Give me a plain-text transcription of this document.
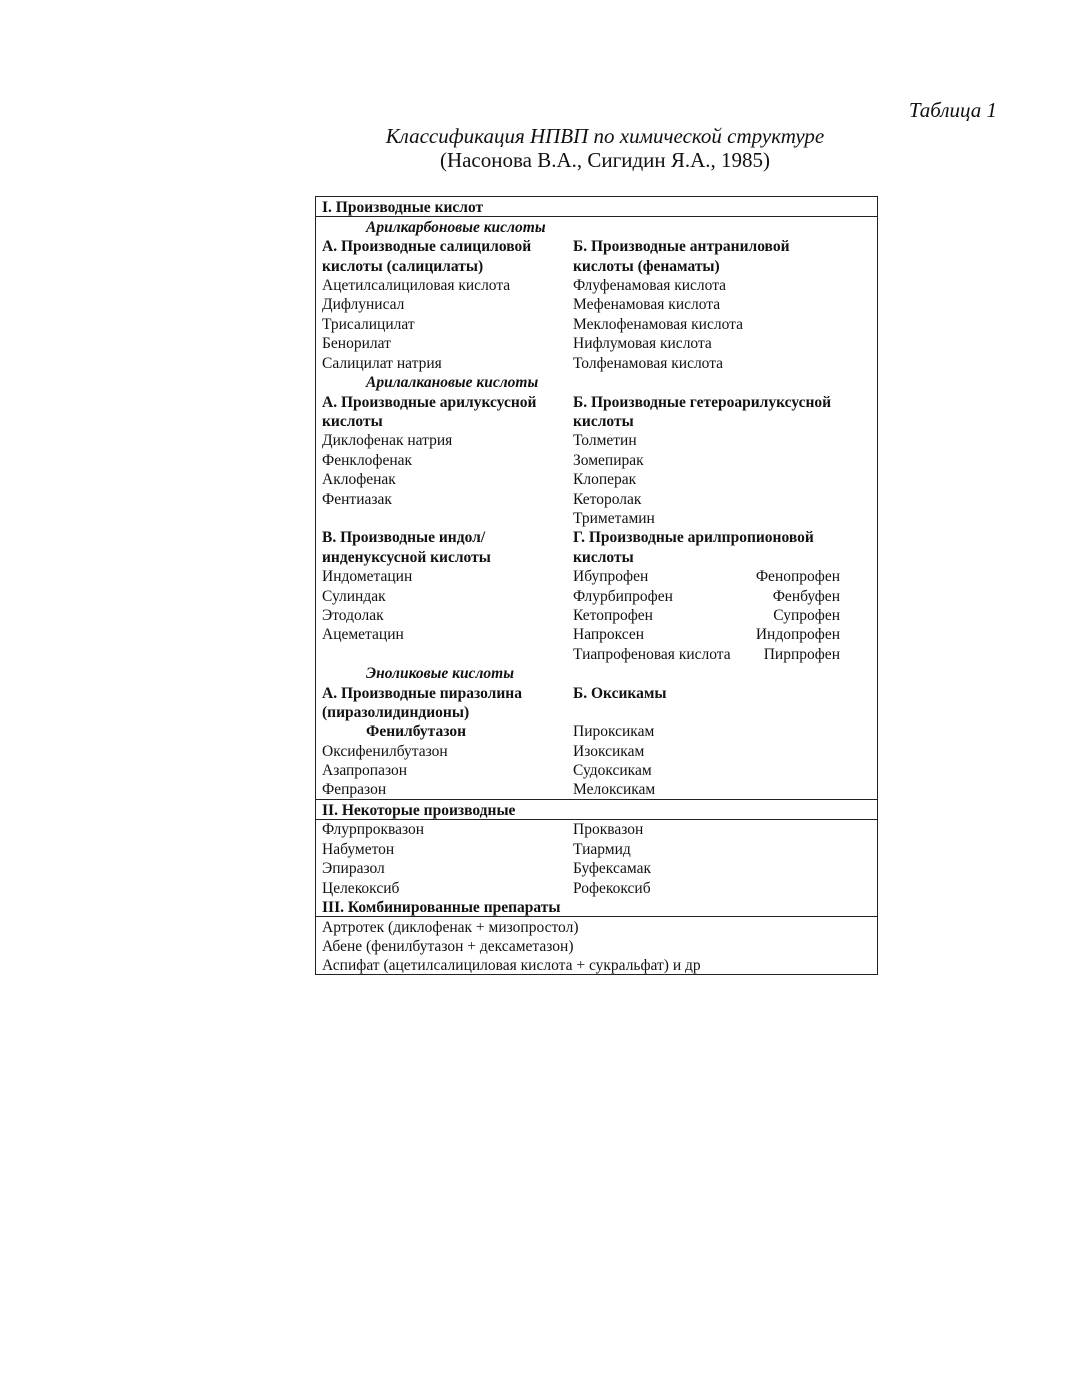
Таблица 1
Классификация НПВП по химической структуре
(Насонова В.А., Сигидин Я.А., 1985)
I. Производные кислот
Арилкарбоновые кислоты
А. Производные салициловой
кислоты (салицилаты)
Б. Производные антраниловой
кислоты (фенаматы)
Ацетилсалициловая кислота
Дифлунисал
Трисалицилат
Бенорилат
Салицилат натрия
Флуфенамовая кислота
Мефенамовая кислота
Меклофенамовая кислота
Нифлумовая кислота
Толфенамовая кислота
Арилалкановые кислоты
А. Производные арилуксусной
кислоты
Б. Производные гетероарилуксусной
кислоты
Диклофенак натрия
Фенклофенак
Аклофенак
Фентиазак
Толметин
Зомепирак
Клоперак
Кеторолак
Триметамин
В. Производные индол/
инденуксусной кислоты
Г. Производные арилпропионовой
кислоты
Индометацин
Сулиндак
Этодолак
Ацеметацин
Ибупрофен
Флурбипрофен
Кетопрофен
Напроксен
Тиапрофеновая кислота
Фенопрофен
Фенбуфен
Супрофен
Индопрофен
Пирпрофен
Эноликовые кислоты
А. Производные пиразолина
(пиразолидиндионы)
Б. Оксикамы
Фенилбутазон
Оксифенилбутазон
Азапропазон
Фепразон
Пироксикам
Изоксикам
Судоксикам
Мелоксикам
II. Некоторые производные
Флурпроквазон
Набуметон
Эпиразол
Целекоксиб
Проквазон
Тиармид
Буфексамак
Рофекоксиб
III. Комбинированные препараты
Артротек (диклофенак + мизопростол)
Абене (фенилбутазон + дексаметазон)
Аспифат (ацетилсалициловая кислота + сукральфат) и др
